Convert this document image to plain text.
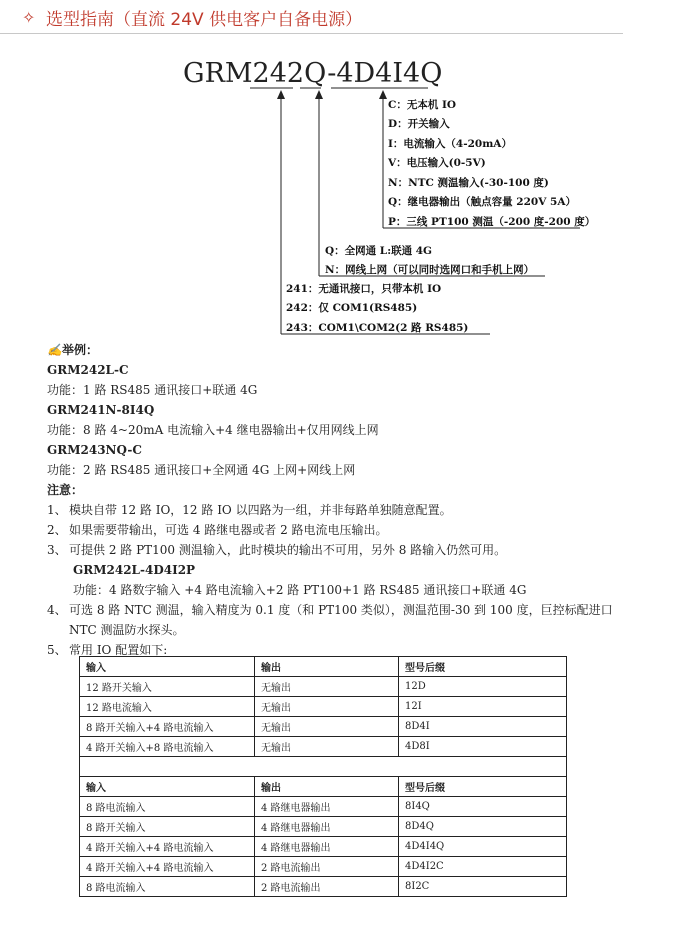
✧ 选型指南（直流 24V 供电客户自备电源）
GRM242Q-4D4I4Q
C：无本机 IO
D：开关输入
I：电流输入（4-20mA）
V：电压输入(0-5V)
N：NTC 测温输入(-30-100 度)
Q：继电器输出（触点容量 220V 5A）
P：三线 PT100 测温（-200 度-200 度）
Q：全网通 L:联通 4G
N：网线上网（可以同时选网口和手机上网）
241：无通讯接口，只带本机 IO
242：仅 COM1(RS485)
243：COM1\COM2(2 路 RS485)
✍举例：
GRM242L-C
功能：1 路 RS485 通讯接口+联通 4G
GRM241N-8I4Q
功能：8 路 4~20mA 电流输入+4 继电器输出+仅用网线上网
GRM243NQ-C
功能：2 路 RS485 通讯接口+全网通 4G 上网+网线上网
注意：
1、 模块自带 12 路 IO，12 路 IO 以四路为一组，并非每路单独随意配置。
2、 如果需要带输出，可选 4 路继电器或者 2 路电流电压输出。
3、 可提供 2 路 PT100 测温输入，此时模块的输出不可用，另外 8 路输入仍然可用。
GRM242L-4D4I2P
功能：4 路数字输入 +4 路电流输入+2 路 PT100+1 路 RS485 通讯接口+联通 4G
4、 可选 8 路 NTC 测温，输入精度为 0.1 度（和 PT100 类似），测温范围-30 到 100 度，巨控标配进口
NTC 测温防水探头。
5、 常用 IO 配置如下:
输入	输出	型号后缀
12 路开关输入	无输出	12D
12 路电流输入	无输出	12I
8 路开关输入+4 路电流输入	无输出	8D4I
4 路开关输入+8 路电流输入	无输出	4D8I

输入	输出	型号后缀
8 路电流输入	4 路继电器输出	8I4Q
8 路开关输入	4 路继电器输出	8D4Q
4 路开关输入+4 路电流输入	4 路继电器输出	4D4I4Q
4 路开关输入+4 路电流输入	2 路电流输出	4D4I2C
8 路电流输入	2 路电流输出	8I2C
